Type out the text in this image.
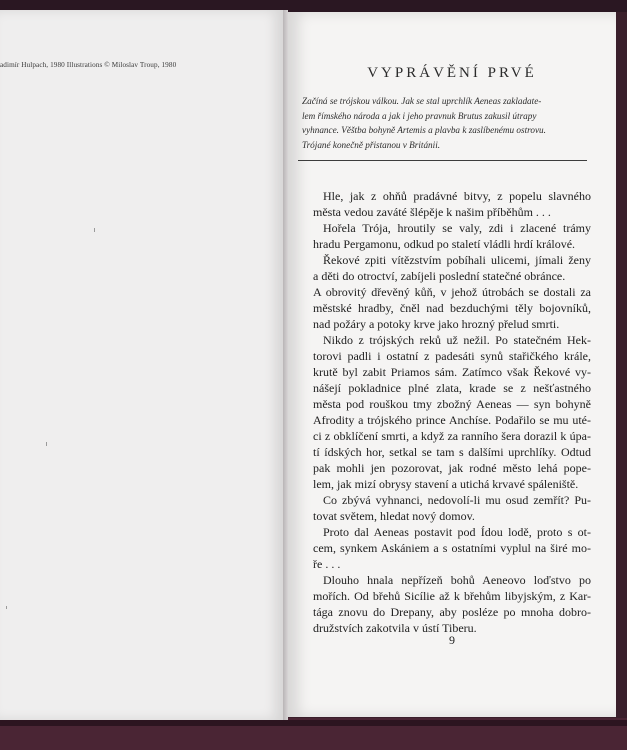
adimír Hulpach, 1980 Illustrations © Miloslav Troup, 1980	VYPRÁVĚNÍ PRVÉ
Začíná se trójskou válkou. Jak se stal uprchlík Aeneas zakladate-
lem římského národa a jak i jeho pravnuk Brutus zakusil útrapy
vyhnance. Věštba bohyně Artemis a plavba k zaslíbenému ostrovu.
Trójané konečně přistanou v Británii.
Hle, jak z ohňů pradávné bitvy, z popelu slavného
města vedou zaváté šlépěje k našim příběhům . . .
Hořela Trója, hroutily se valy, zdi i zlacené trámy
hradu Pergamonu, odkud po staletí vládli hrdí králové.
Řekové zpiti vítězstvím pobíhali ulicemi, jímali ženy
a děti do otroctví, zabíjeli poslední statečné obránce.
A obrovitý dřevěný kůň, v jehož útrobách se dostali za
městské hradby, čněl nad bezduchými těly bojovníků,
nad požáry a potoky krve jako hrozný přelud smrti.
Nikdo z trójských reků už nežil. Po statečném Hek-
torovi padli i ostatní z padesáti synů stařičkého krále,
krutě byl zabit Priamos sám. Zatímco však Řekové vy-
nášejí pokladnice plné zlata, krade se z nešťastného
města pod rouškou tmy zbožný Aeneas — syn bohyně
Afrodity a trójského prince Anchíse. Podařilo se mu uté-
ci z obklíčení smrti, a když za ranního šera dorazil k úpa-
tí ídských hor, setkal se tam s dalšími uprchlíky. Odtud
pak mohli jen pozorovat, jak rodné město lehá pope-
lem, jak mizí obrysy stavení a utichá krvavé spáleniště.
Co zbývá vyhnanci, nedovolí-li mu osud zemřít? Pu-
tovat světem, hledat nový domov.
Proto dal Aeneas postavit pod Ídou lodě, proto s ot-
cem, synkem Askániem a s ostatními vyplul na širé mo-
ře . . .
Dlouho hnala nepřízeň bohů Aeneovo loďstvo po
mořích. Od břehů Sicílie až k břehům libyjským, z Kar-
tága znovu do Drepany, aby posléze po mnoha dobro-
družstvích zakotvila v ústí Tiberu.
9
